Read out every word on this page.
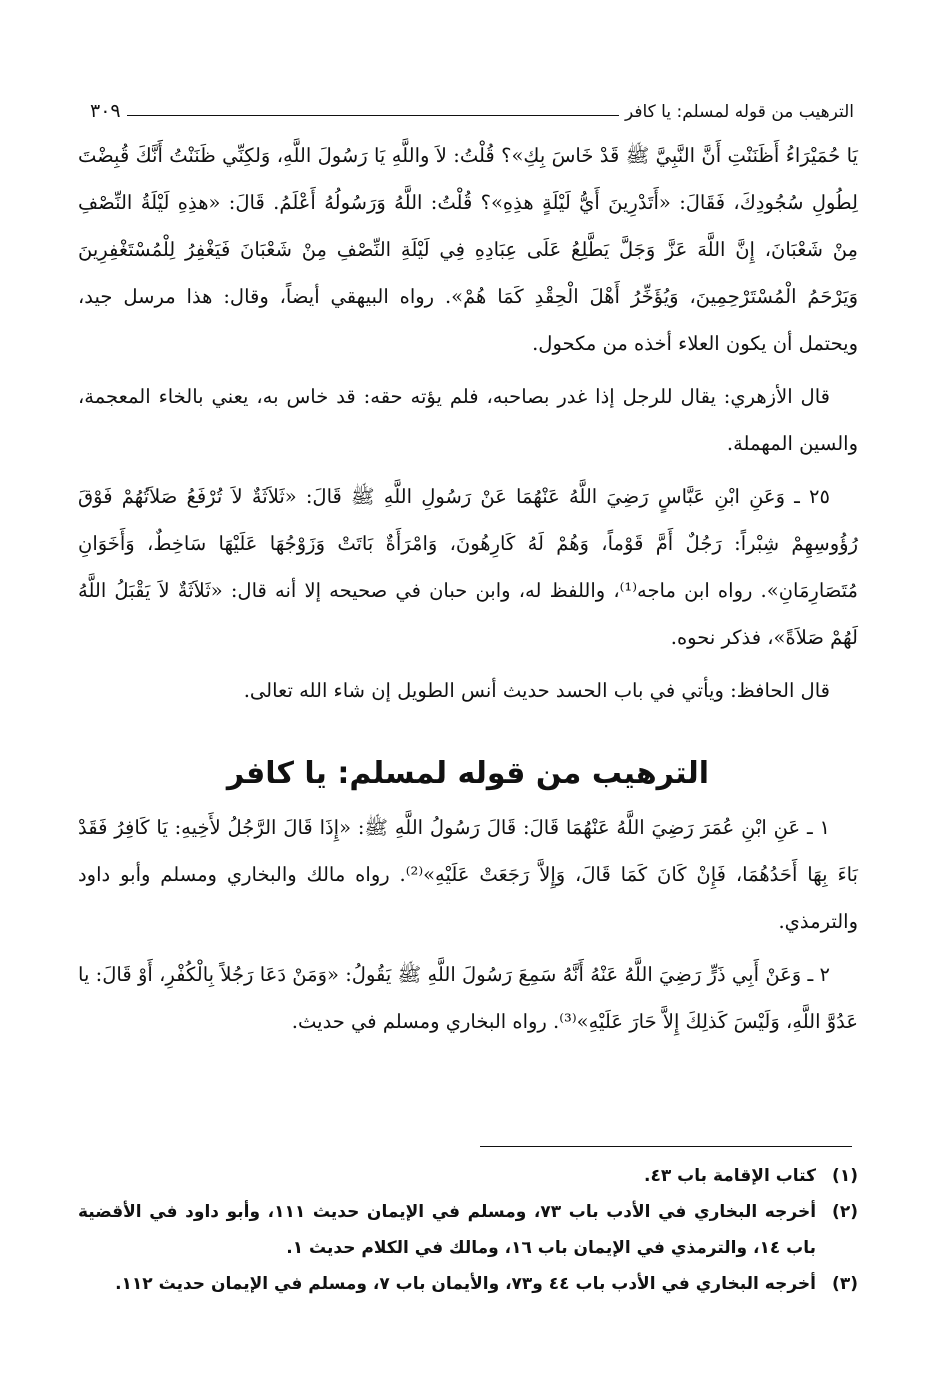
الترهيب من قوله لمسلم: يا كافر
٣٠٩

يَا حُمَيْرَاءُ أَظَنَنْتِ أَنَّ النَّبِيَّ ﷺ قَدْ خَاسَ بِكِ»؟ قُلْتُ: لاَ واللَّهِ يَا رَسُولَ اللَّهِ، وَلكِنِّي ظَنَنْتُ أَنَّكَ قُبِضْتَ لِطُولِ سُجُودِكَ، فَقَالَ: «أَتَدْرِينَ أَيُّ لَيْلَةٍ هذِهِ»؟ قُلْتُ: اللَّهُ وَرَسُولُهُ أَعْلَمُ. قَالَ: «هذِهِ لَيْلَةُ النِّصْفِ مِنْ شَعْبَانَ، إِنَّ اللَّهَ عَزَّ وَجَلَّ يَطَّلِعُ عَلَى عِبَادِهِ فِي لَيْلَةِ النِّصْفِ مِنْ شَعْبَانَ فَيَغْفِرُ لِلْمُسْتَغْفِرِينَ وَيَرْحَمُ الْمُسْتَرْحِمِينَ، وَيُؤَخِّرُ أَهْلَ الْحِقْدِ كَمَا هُمْ». رواه البيهقي أيضاً، وقال: هذا مرسل جيد، ويحتمل أن يكون العلاء أخذه من مكحول.

قال الأزهري: يقال للرجل إذا غدر بصاحبه، فلم يؤته حقه: قد خاس به، يعني بالخاء المعجمة، والسين المهملة.

٢٥ ـ وَعَنِ ابْنِ عَبَّاسٍ رَضِيَ اللَّهُ عَنْهُمَا عَنْ رَسُولِ اللَّهِ ﷺ قَالَ: «ثَلاَثَةٌ لاَ تُرْفَعُ صَلاَتُهُمْ فَوْقَ رُؤُوسِهِمْ شِبْراً: رَجُلٌ أَمَّ قَوْماً، وَهُمْ لَهُ كَارِهُونَ، وَامْرَأَةٌ بَاتَتْ وَزَوْجُهَا عَلَيْهَا سَاخِطٌ، وَأَخَوَانِ مُتَصَارِمَانِ». رواه ابن ماجه⁽¹⁾، واللفظ له، وابن حبان في صحيحه إلا أنه قال: «ثَلاَثَةٌ لاَ يَقْبَلُ اللَّهُ لَهُمْ صَلاَةً»، فذكر نحوه.

قال الحافظ: ويأتي في باب الحسد حديث أنس الطويل إن شاء الله تعالى.

الترهيب من قوله لمسلم: يا كافر

١ ـ عَنِ ابْنِ عُمَرَ رَضِيَ اللَّهُ عَنْهُمَا قَالَ: قَالَ رَسُولُ اللَّهِ ﷺ: «إِذَا قَالَ الرَّجُلُ لأَخِيهِ: يَا كَافِرُ فَقَدْ بَاءَ بِهَا أَحَدُهُمَا، فَإِنْ كَانَ كَمَا قَالَ، وَإِلاَّ رَجَعَتْ عَلَيْهِ»⁽²⁾. رواه مالك والبخاري ومسلم وأبو داود والترمذي.

٢ ـ وَعَنْ أَبِي ذَرٍّ رَضِيَ اللَّهُ عَنْهُ أَنَّهُ سَمِعَ رَسُولَ اللَّهِ ﷺ يَقُولُ: «وَمَنْ دَعَا رَجُلاً بِالْكُفْرِ، أَوْ قَالَ: يا عَدُوَّ اللَّهِ، وَلَيْسَ كَذلِكَ إِلاَّ حَارَ عَلَيْهِ»⁽³⁾. رواه البخاري ومسلم في حديث.

(١)
كتاب الإقامة باب ٤٣.
(٢)
أخرجه البخاري في الأدب باب ٧٣، ومسلم في الإيمان حديث ١١١، وأبو داود في الأقضية باب ١٤، والترمذي في الإيمان باب ١٦، ومالك في الكلام حديث ١.
(٣)
أخرجه البخاري في الأدب باب ٤٤ و٧٣، والأيمان باب ٧، ومسلم في الإيمان حديث ١١٢.
